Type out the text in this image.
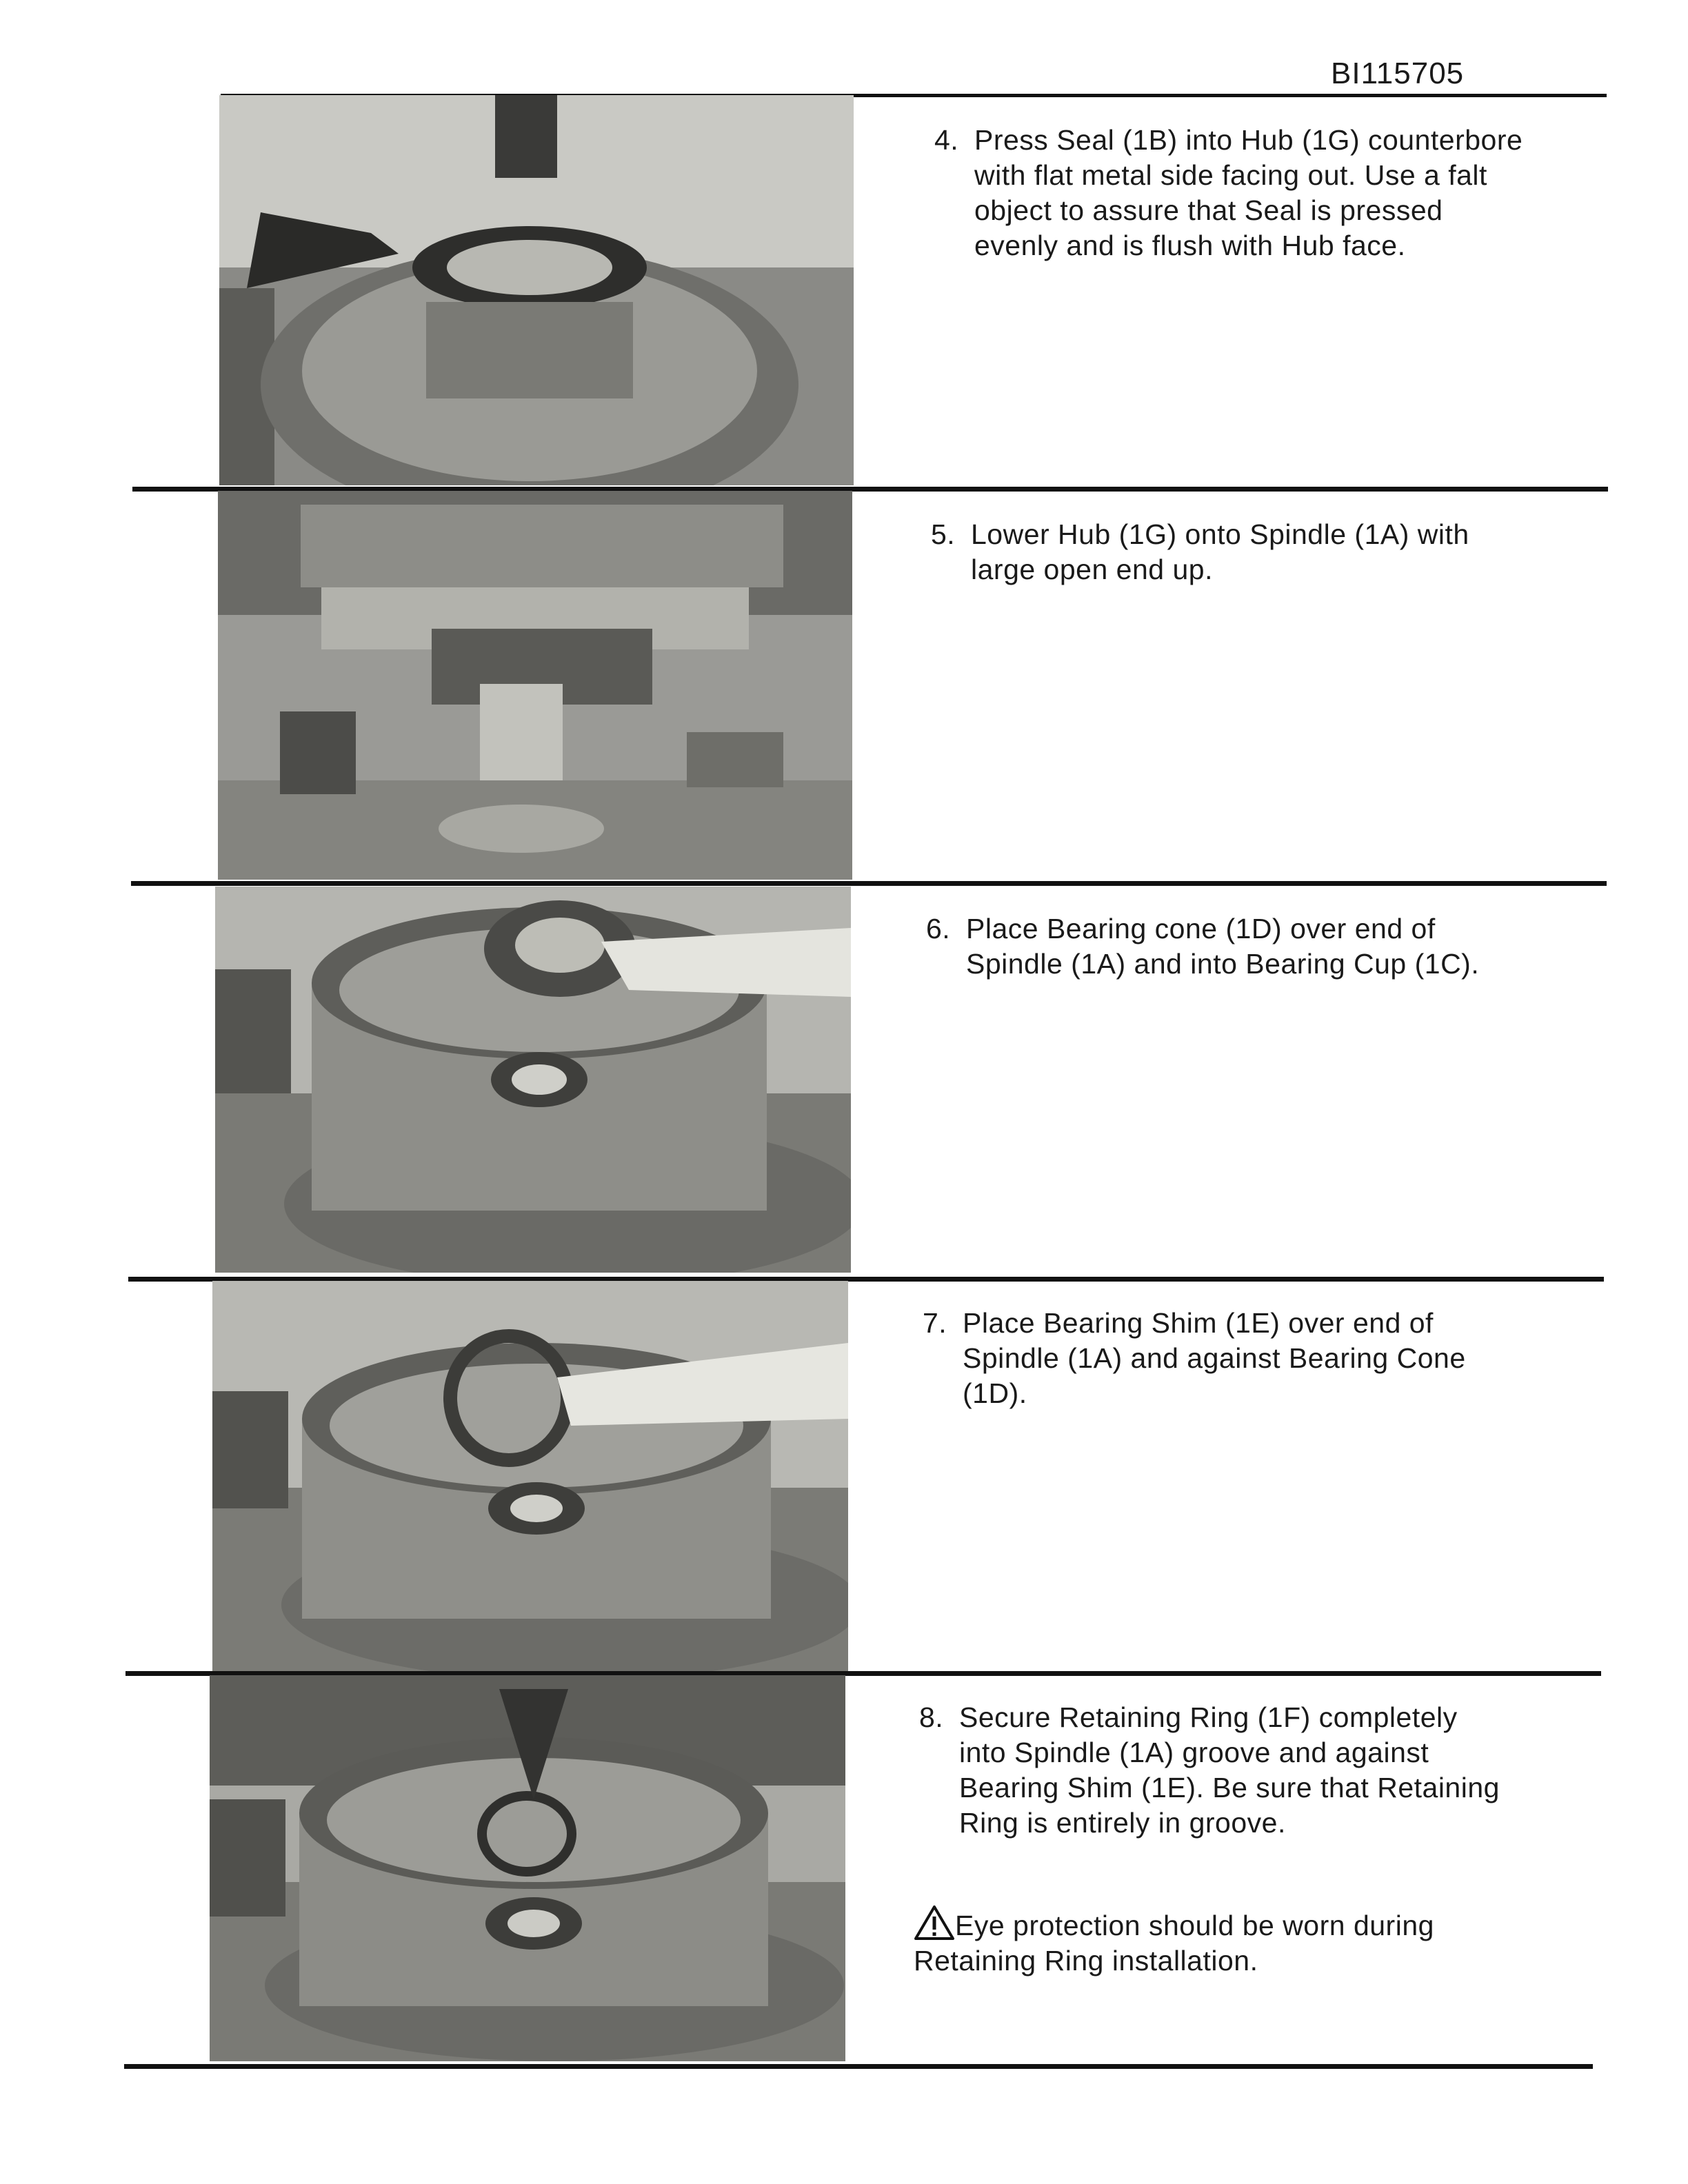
BI115705
4. Press Seal (1B) into Hub (1G) counterbore
with flat metal side facing out. Use a falt
object to assure that Seal is pressed
evenly and is flush with Hub face.
5. Lower Hub (1G) onto Spindle (1A) with
large open end up.
6. Place Bearing cone (1D) over end of
Spindle (1A) and into Bearing Cup (1C).
7. Place Bearing Shim (1E) over end of
Spindle (1A) and against Bearing Cone
(1D).
8. Secure Retaining Ring (1F) completely
into Spindle (1A) groove and against
Bearing Shim (1E). Be sure that Retaining
Ring is entirely in groove.

Eye protection should be worn during
Retaining Ring installation.
